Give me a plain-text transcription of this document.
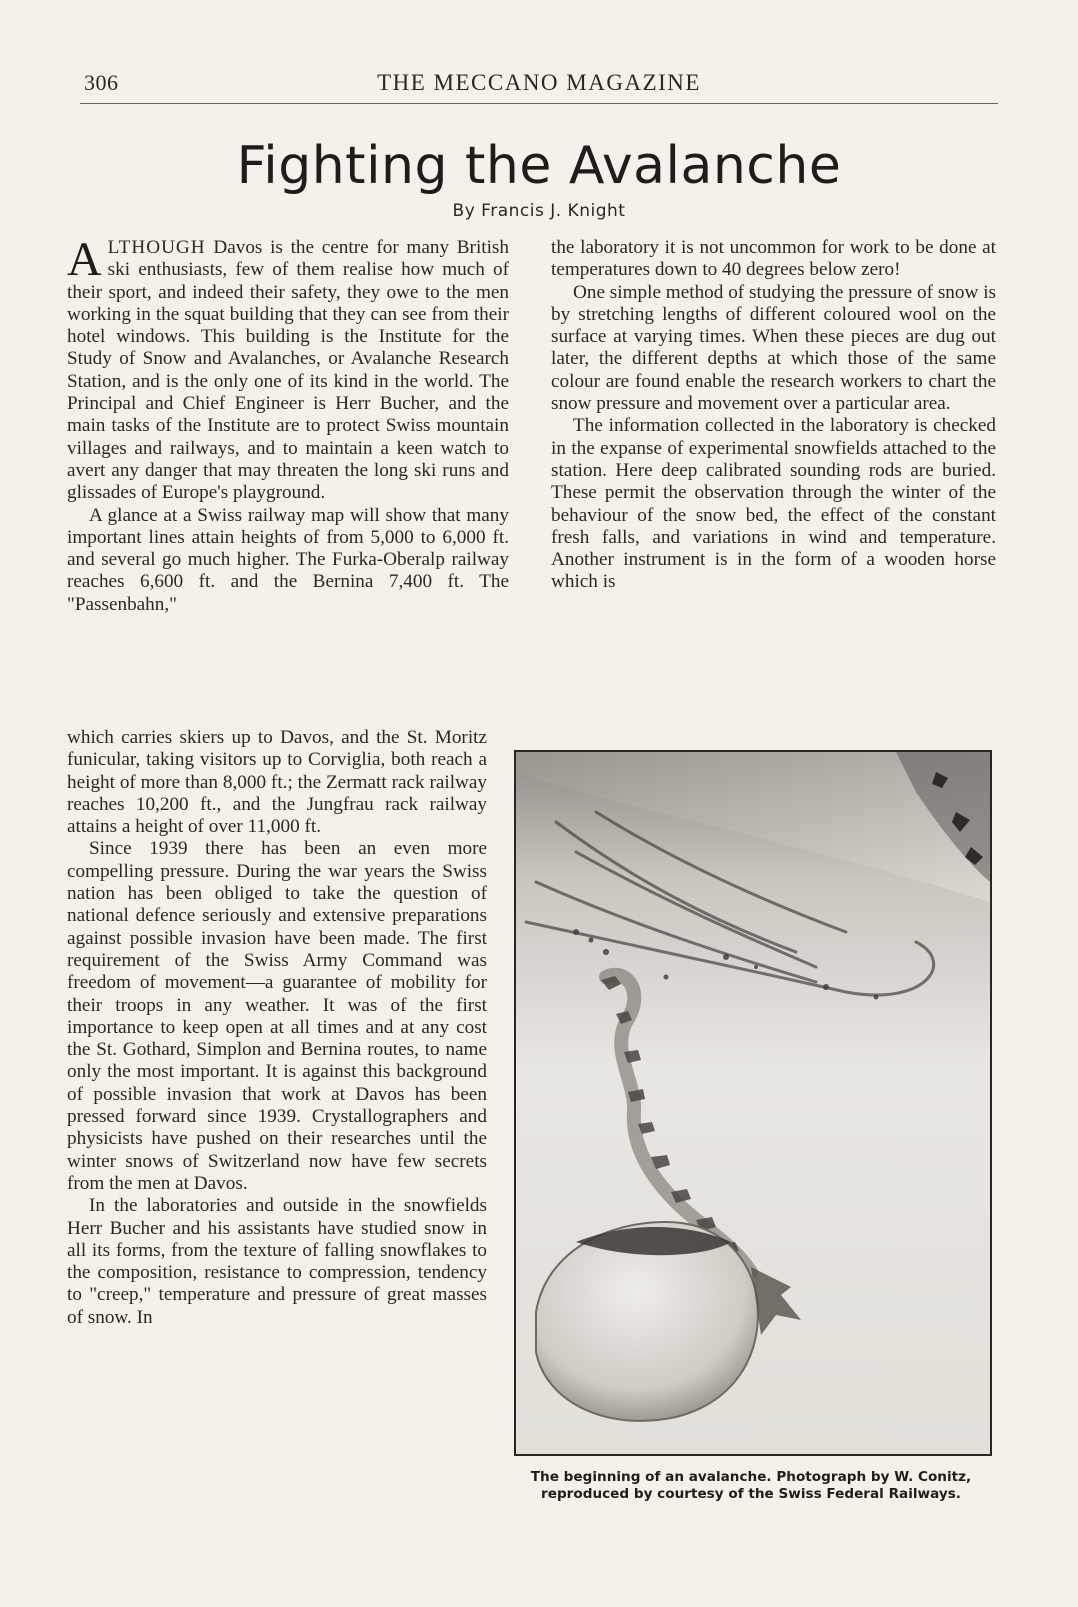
306	THE MECCANO MAGAZINE
Fighting the Avalanche
By Francis J. Knight

ALTHOUGH Davos is the centre for many British ski enthusiasts, few of them realise how much of their sport, and indeed their safety, they owe to the men working in the squat building that they can see from their hotel windows. This building is the Institute for the Study of Snow and Avalanches, or Avalanche Research Station, and is the only one of its kind in the world. The Principal and Chief Engineer is Herr Bucher, and the main tasks of the Institute are to protect Swiss mountain villages and railways, and to maintain a keen watch to avert any danger that may threaten the long ski runs and glissades of Europe's playground.

A glance at a Swiss railway map will show that many important lines attain heights of from 5,000 to 6,000 ft. and several go much higher. The Furka-Oberalp railway reaches 6,600 ft. and the Bernina 7,400 ft. The "Passenbahn,"

which carries skiers up to Davos, and the St. Moritz funicular, taking visitors up to Corviglia, both reach a height of more than 8,000 ft.; the Zermatt rack railway reaches 10,200 ft., and the Jungfrau rack railway attains a height of over 11,000 ft.

Since 1939 there has been an even more compelling pressure. During the war years the Swiss nation has been obliged to take the question of national defence seriously and extensive preparations against possible invasion have been made. The first requirement of the Swiss Army Command was freedom of movement—a guarantee of mobility for their troops in any weather. It was of the first importance to keep open at all times and at any cost the St. Gothard, Simplon and Bernina routes, to name only the most important. It is against this background of possible invasion that work at Davos has been pressed forward since 1939. Crystallographers and physicists have pushed on their researches until the winter snows of Switzerland now have few secrets from the men at Davos.

In the laboratories and outside in the snowfields Herr Bucher and his assistants have studied snow in all its forms, from the texture of falling snowflakes to the composition, resistance to compression, tendency to "creep," temperature and pressure of great masses of snow. In

the laboratory it is not uncommon for work to be done at temperatures down to 40 degrees below zero!

One simple method of studying the pressure of snow is by stretching lengths of different coloured wool on the surface at varying times. When these pieces are dug out later, the different depths at which those of the same colour are found enable the research workers to chart the snow pressure and movement over a particular area.

The information collected in the laboratory is checked in the expanse of experimental snowfields attached to the station. Here deep calibrated sounding rods are buried. These permit the observation through the winter of the behaviour of the snow bed, the effect of the constant fresh falls, and variations in wind and temperature. Another instrument is in the form of a wooden horse which is

The beginning of an avalanche. Photograph by W. Conitz, reproduced by courtesy of the Swiss Federal Railways.
